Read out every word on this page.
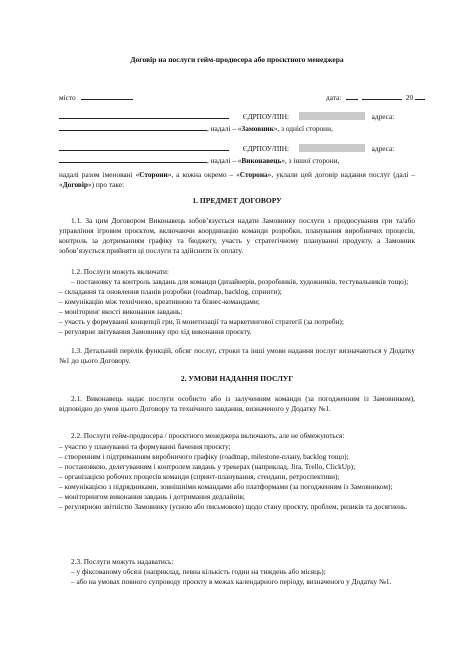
Договір на послуги гейм-продюсера або проєктного менеджера
місто	дата:	20
ЄДРПОУ/ПІН:	адреса:
, надалі – «Замовник», з однієї сторони,
ЄДРПОУ/ПІН:	адреса:
, надалі – «Виконавець», з іншої сторони,
надалі разом іменовані «Сторони», а кожна окремо – «Сторона», уклали цей договір надання послуг (далі – «Договір») про таке:
1. ПРЕДМЕТ ДОГОВОРУ
1.1. За цим Договором Виконавець зобов’язується надати Замовнику послуги з продюсування гри та/або управління ігровим проєктом, включаючи координацію команди розробки, планування виробничих процесів, контроль за дотриманням графіку та бюджету, участь у стратегічному плануванні продукту, а Замовник зобов’язується прийняти ці послуги та здійснити їх оплату.
1.2. Послуги можуть включати:
– постановку та контроль завдань для команди (дизайнерів, розробників, художників, тестувальників тощо);
– складання та оновлення планів розробки (roadmap, backlog, спринти);
– комунікацію між технічною, креативною та бізнес-командами;
– моніторинг якості виконання завдань;
– участь у формуванні концепції гри, її монетизації та маркетингової стратегії (за потреби);
– регулярне звітування Замовнику про хід виконання проєкту.
1.3. Детальний перелік функцій, обсяг послуг, строки та інші умови надання послуг визначаються у Додатку №1 до цього Договору.
2. УМОВИ НАДАННЯ ПОСЛУГ
2.1. Виконавець надає послуги особисто або із залученням команди (за погодженням із Замовником), відповідно до умов цього Договору та технічного завдання, визначеного у Додатку №1.
2.2. Послуги гейм-продюсера / проєктного менеджера включають, але не обмежуються:
– участю у плануванні та формуванні бачення проєкту;
– створенням і підтриманням виробничого графіку (roadmap, milestone-плану, backlog тощо);
– постановкою, делегуванням і контролем завдань у трекерах (наприклад, Jira, Trello, ClickUp);
– організацією робочих процесів команди (спринт-планування, стендапи, ретроспективи);
– комунікацією з підрядниками, зовнішніми командами або платформами (за погодженням із Замовником);
– моніторингом виконання завдань і дотримання дедлайнів;
– регулярною звітністю Замовнику (усною або письмовою) щодо стану проєкту, проблем, ризиків та досягнень.
2.3. Послуги можуть надаватись:
– у фіксованому обсязі (наприклад, певна кількість годин на тиждень або місяць);
– або на умовах повного супроводу проєкту в межах календарного періоду, визначеного у Додатку №1.
